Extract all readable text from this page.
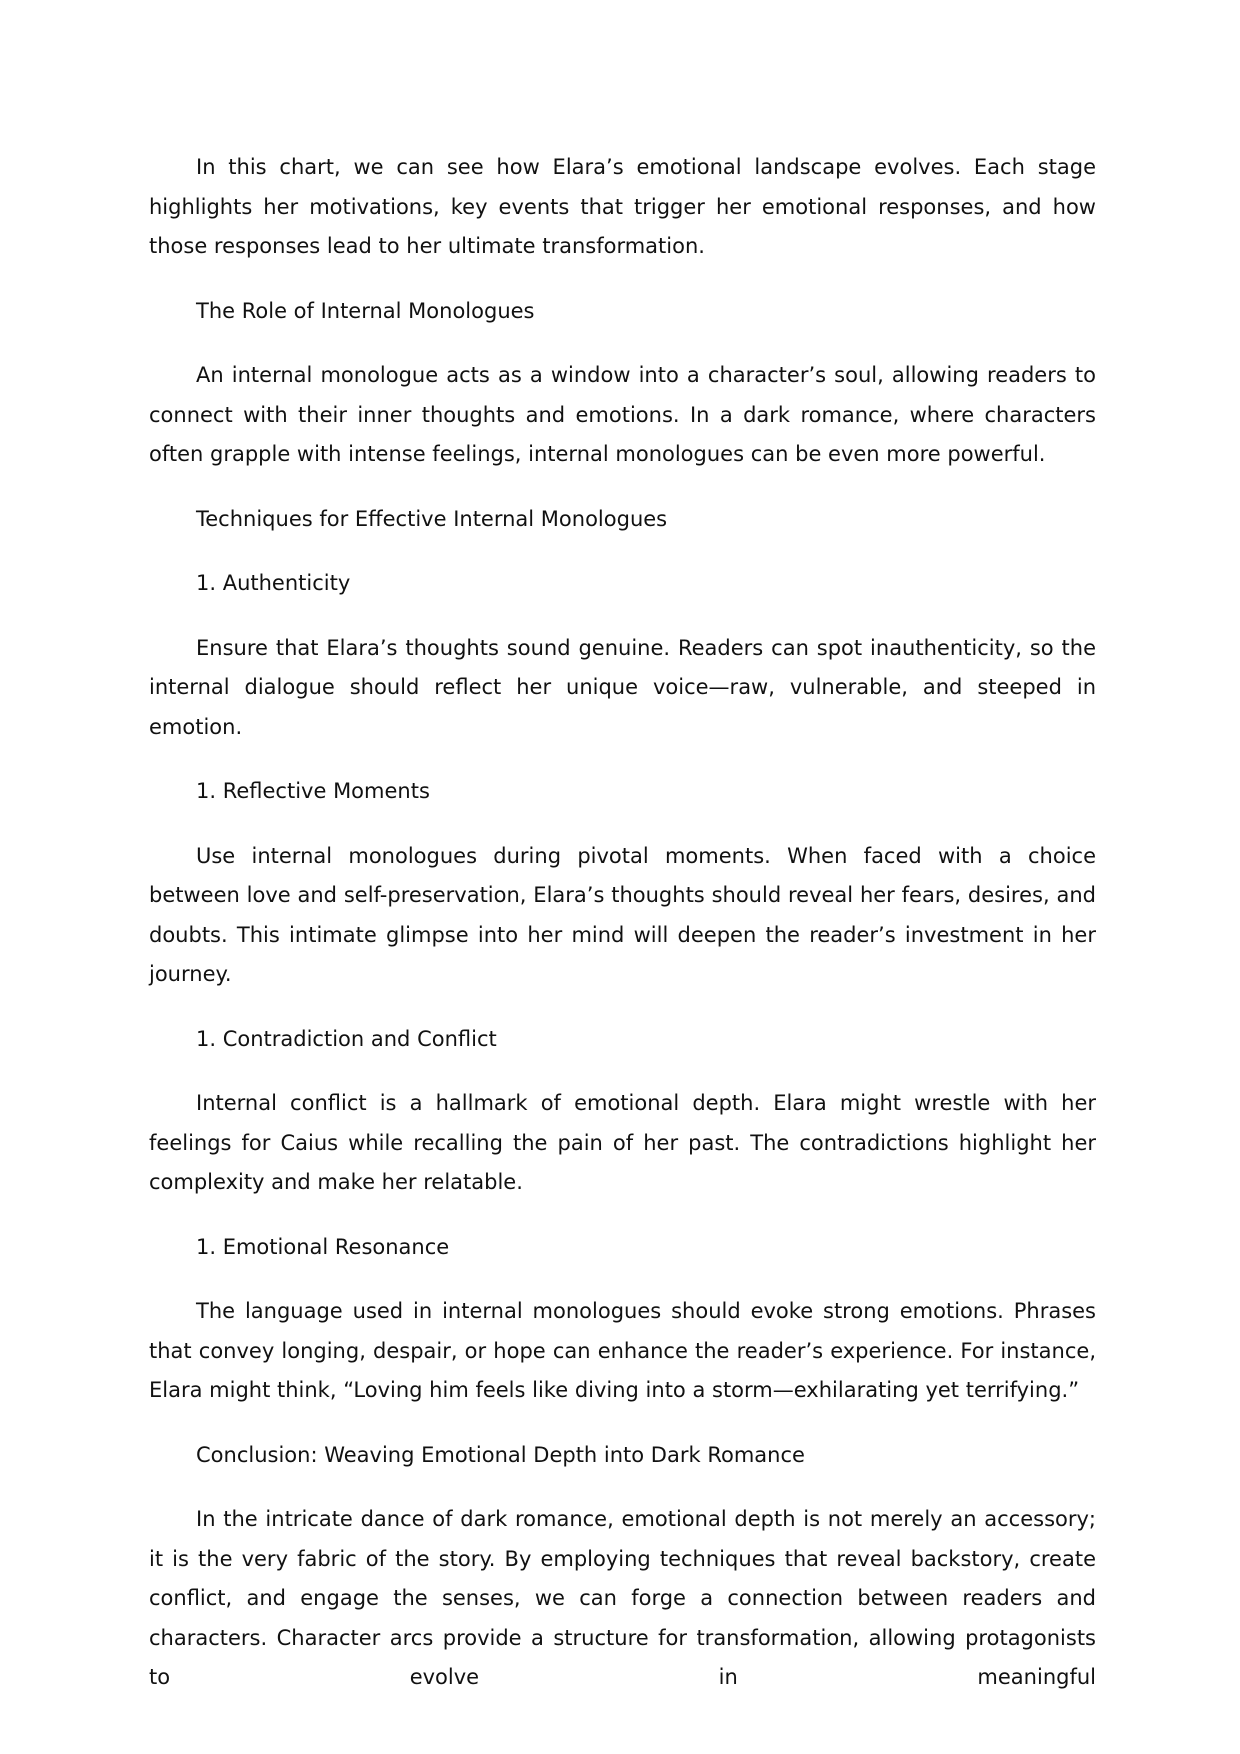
In this chart, we can see how Elara’s emotional landscape evolves. Each stage highlights her motivations, key events that trigger her emotional responses, and how those responses lead to her ultimate transformation.

The Role of Internal Monologues

An internal monologue acts as a window into a character’s soul, allowing readers to connect with their inner thoughts and emotions. In a dark romance, where characters often grapple with intense feelings, internal monologues can be even more powerful.

Techniques for Effective Internal Monologues

1. Authenticity

Ensure that Elara’s thoughts sound genuine. Readers can spot inauthenticity, so the internal dialogue should reflect her unique voice—raw, vulnerable, and steeped in emotion.

1. Reflective Moments

Use internal monologues during pivotal moments. When faced with a choice between love and self-preservation, Elara’s thoughts should reveal her fears, desires, and doubts. This intimate glimpse into her mind will deepen the reader’s investment in her journey.

1. Contradiction and Conflict

Internal conflict is a hallmark of emotional depth. Elara might wrestle with her feelings for Caius while recalling the pain of her past. The contradictions highlight her complexity and make her relatable.

1. Emotional Resonance

The language used in internal monologues should evoke strong emotions. Phrases that convey longing, despair, or hope can enhance the reader’s experience. For instance, Elara might think, “Loving him feels like diving into a storm—exhilarating yet terrifying.”

Conclusion: Weaving Emotional Depth into Dark Romance

In the intricate dance of dark romance, emotional depth is not merely an accessory; it is the very fabric of the story. By employing techniques that reveal backstory, create conflict, and engage the senses, we can forge a connection between readers and characters. Character arcs provide a structure for transformation, allowing protagonists to evolve in meaningful
